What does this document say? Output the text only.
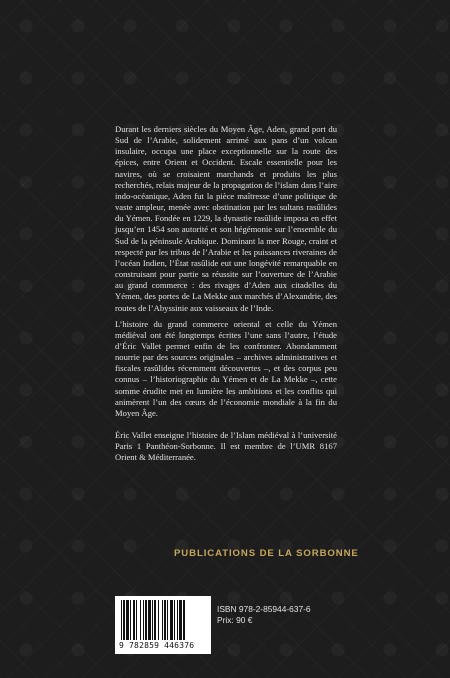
Durant les derniers siècles du Moyen Âge, Aden, grand port du Sud de l’Arabie, solidement arrimé aux pans d’un volcan insulaire, occupa une place exceptionnelle sur la route des épices, entre Orient et Occident. Escale essentielle pour les navires, où se croisaient marchands et produits les plus recherchés, relais majeur de la propagation de l’islam dans l’aire indo-océanique, Aden fut la pièce maîtresse d’une politique de vaste ampleur, menée avec obstination par les sultans rasûlides du Yémen. Fondée en 1229, la dynastie rasûlide imposa en effet jusqu’en 1454 son autorité et son hégémonie sur l’ensemble du Sud de la péninsule Arabique. Dominant la mer Rouge, craint et respecté par les tribus de l’Arabie et les puissances riveraines de l’océan Indien, l’État rasûlide eut une longévité remarquable en construisant pour partie sa réussite sur l’ouverture de l’Arabie au grand commerce : des rivages d’Aden aux citadelles du Yémen, des portes de La Mekke aux marchés d’Alexandrie, des routes de l’Abyssinie aux vaisseaux de l’Inde.

L’histoire du grand commerce oriental et celle du Yémen médiéval ont été longtemps écrites l’une sans l’autre, l’étude d’Éric Vallet permet enfin de les confronter. Abondamment nourrie par des sources originales – archives administratives et fiscales rasûlides récemment découvertes –, et des corpus peu connus – l’historiographie du Yémen et de La Mekke –, cette somme érudite met en lumière les ambitions et les conflits qui animèrent l’un des cœurs de l’économie mondiale à la fin du Moyen Âge.

Éric Vallet enseigne l’histoire de l’Islam médiéval à l’université Paris 1 Panthéon-Sorbonne. Il est membre de l’UMR 8167 Orient & Méditerranée.

PUBLICATIONS DE LA SORBONNE
9 782859 446376
ISBN 978-2-85944-637-6
Prix: 90 €
